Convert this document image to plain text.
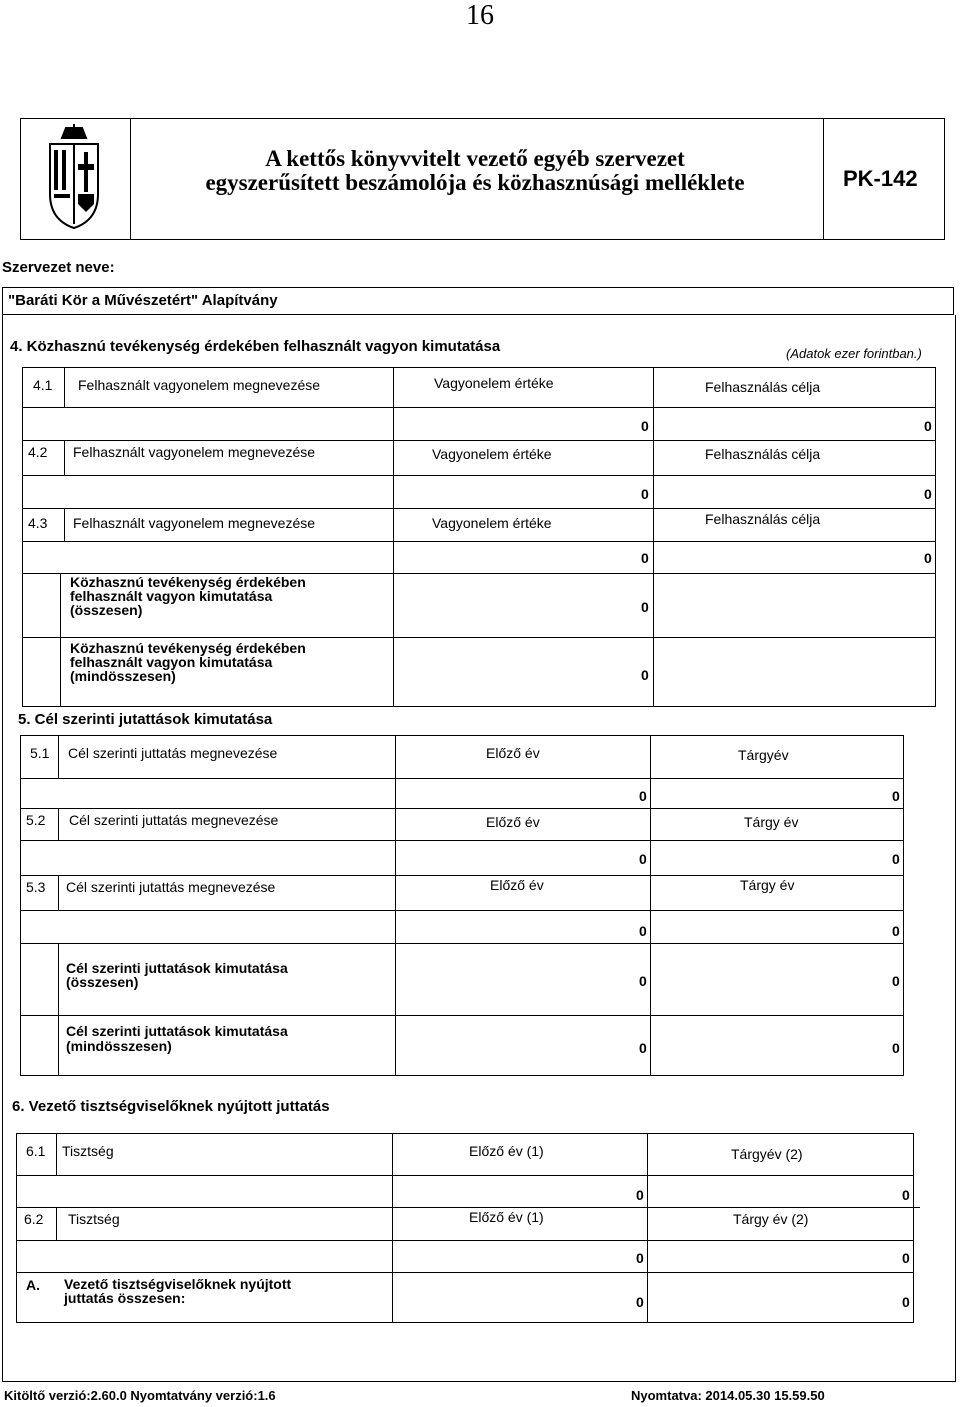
16
A kettős könyvvitelt vezető egyéb szervezet
egyszerűsített beszámolója és közhasznúsági melléklete	PK-142
Szervezet neve:
"Baráti Kör a Művészetért" Alapítvány
4. Közhasznú tevékenység érdekében felhasznált vagyon kimutatása	(Adatok ezer forintban.)
4.1 Felhasznált vagyonelem megnevezése	Vagyonelem értéke	Felhasználás célja
0	0
4.2 Felhasznált vagyonelem megnevezése	Vagyonelem értéke	Felhasználás célja
0	0
4.3 Felhasznált vagyonelem megnevezése	Vagyonelem értéke	Felhasználás célja
0	0
Közhasznú tevékenység érdekében
felhasznált vagyon kimutatása
(összesen)	0
Közhasznú tevékenység érdekében
felhasznált vagyon kimutatása
(mindösszesen)	0
5. Cél szerinti jutattások kimutatása
5.1 Cél szerinti juttatás megnevezése	Előző év	Tárgyév
0	0
5.2 Cél szerinti juttatás megnevezése	Előző év	Tárgy év
0	0
5.3 Cél szerinti jutattás megnevezése	Előző év	Tárgy év
0	0
Cél szerinti juttatások kimutatása
(összesen)	0	0
Cél szerinti juttatások kimutatása
(mindösszesen)	0	0
6. Vezető tisztségviselőknek nyújtott juttatás
6.1 Tisztség	Előző év (1)	Tárgyév (2)
0	0
6.2 Tisztség	Előző év (1)	Tárgy év (2)
0	0
A. Vezető tisztségviselőknek nyújtott
juttatás összesen:	0	0
Kitöltő verzió:2.60.0 Nyomtatvány verzió:1.6	Nyomtatva: 2014.05.30 15.59.50
